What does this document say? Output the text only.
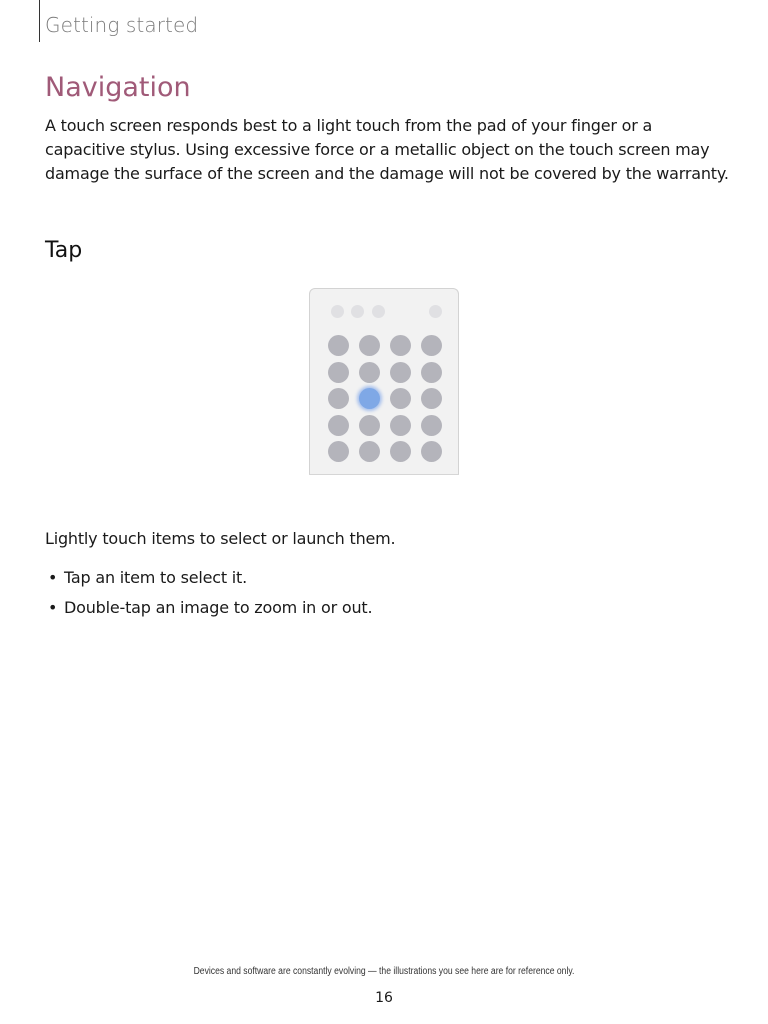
Getting started

Navigation

A touch screen responds best to a light touch from the pad of your finger or a capacitive stylus. Using excessive force or a metallic object on the touch screen may damage the surface of the screen and the damage will not be covered by the warranty.

Tap

Lightly touch items to select or launch them.

• Tap an item to select it.
• Double-tap an image to zoom in or out.

Devices and software are constantly evolving — the illustrations you see here are for reference only.

16
